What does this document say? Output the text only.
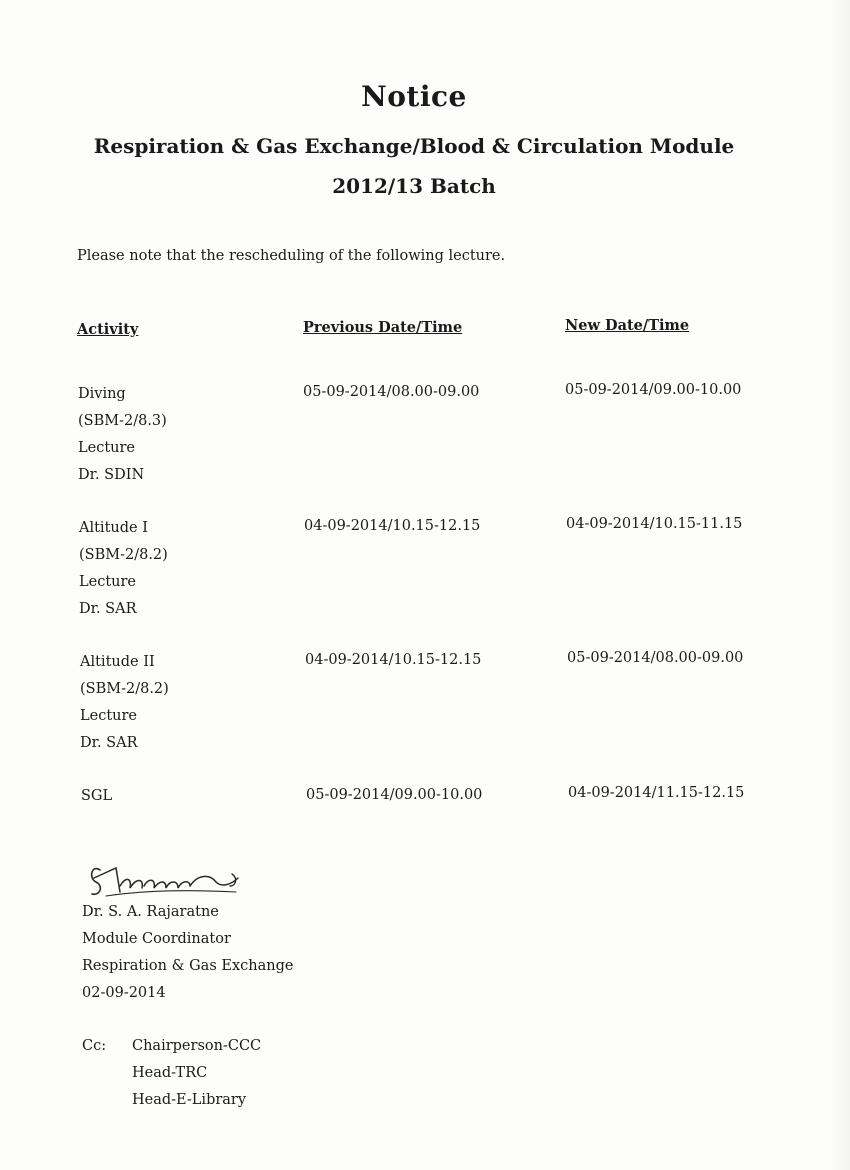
Notice
Respiration & Gas Exchange/Blood & Circulation Module
2012/13 Batch
Please note that the rescheduling of the following lecture.
Activity	Previous Date/Time	New Date/Time
Diving
(SBM-2/8.3)
Lecture
Dr. SDIN
05-09-2014/08.00-09.00	05-09-2014/09.00-10.00
Altitude I
(SBM-2/8.2)
Lecture
Dr. SAR
04-09-2014/10.15-12.15	04-09-2014/10.15-11.15
Altitude II
(SBM-2/8.2)
Lecture
Dr. SAR
04-09-2014/10.15-12.15	05-09-2014/08.00-09.00
SGL	05-09-2014/09.00-10.00	04-09-2014/11.15-12.15
Dr. S. A. Rajaratne
Module Coordinator
Respiration & Gas Exchange
02-09-2014
Cc: Chairperson-CCC
Head-TRC
Head-E-Library
